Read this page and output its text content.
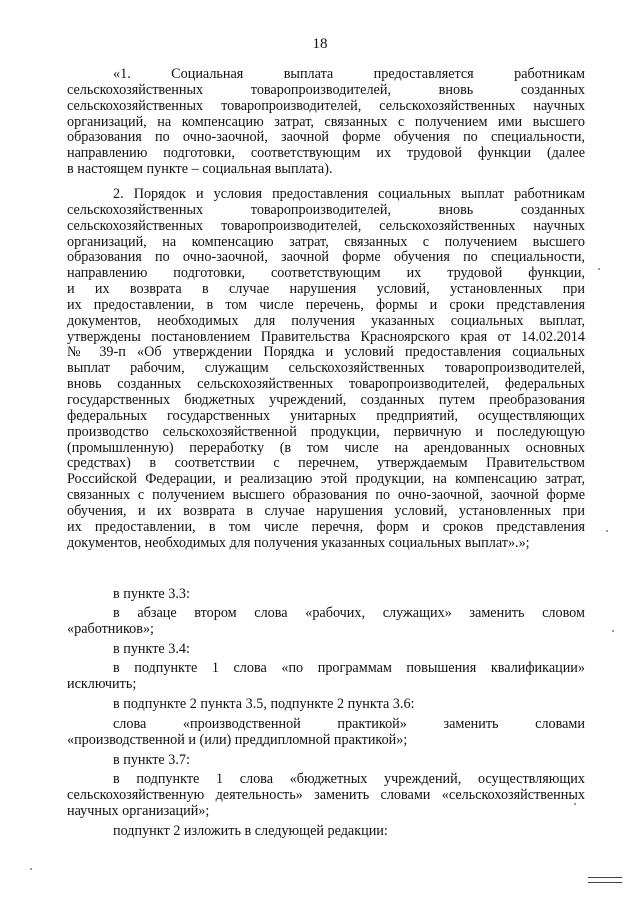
18
«1.       Социальная       выплата       предоставляется       работникам
сельскохозяйственных товаропроизводителей, вновь созданных
сельскохозяйственных товаропроизводителей, сельскохозяйственных научных
организаций, на компенсацию затрат, связанных с получением ими высшего
образования по очно-заочной, заочной форме обучения по специальности,
направлению подготовки, соответствующим их трудовой функции (далее
в настоящем пункте – социальная выплата).
2. Порядок и условия предоставления социальных выплат работникам
сельскохозяйственных товаропроизводителей, вновь созданных
сельскохозяйственных товаропроизводителей, сельскохозяйственных научных
организаций, на компенсацию затрат, связанных с получением высшего
образования по очно-заочной, заочной форме обучения по специальности,
направлению подготовки, соответствующим их трудовой функции,
и их возврата в случае нарушения условий, установленных при
их предоставлении, в том числе перечень, формы и сроки представления
документов, необходимых для получения указанных социальных выплат,
утверждены постановлением Правительства Красноярского края от 14.02.2014
№ 39-п «Об утверждении Порядка и условий предоставления социальных
выплат рабочим, служащим сельскохозяйственных товаропроизводителей,
вновь созданных сельскохозяйственных товаропроизводителей, федеральных
государственных бюджетных учреждений, созданных путем преобразования
федеральных государственных унитарных предприятий, осуществляющих
производство сельскохозяйственной продукции, первичную и последующую
(промышленную) переработку (в том числе на арендованных основных
средствах) в соответствии с перечнем, утверждаемым Правительством
Российской Федерации, и реализацию этой продукции, на компенсацию затрат,
связанных с получением высшего образования по очно-заочной, заочной форме
обучения, и их возврата в случае нарушения условий, установленных при
их предоставлении, в том числе перечня, форм и сроков представления
документов, необходимых для получения указанных социальных выплат».»;
в пункте 3.3:
в абзаце втором слова «рабочих, служащих» заменить словом
«работников»;
в пункте 3.4:
в подпункте 1 слова «по программам повышения квалификации»
исключить;
в подпункте 2 пункта 3.5, подпункте 2 пункта 3.6:
слова «производственной практикой» заменить словами
«производственной и (или) преддипломной практикой»;
в пункте 3.7:
в подпункте 1 слова «бюджетных учреждений, осуществляющих
сельскохозяйственную деятельность» заменить словами «сельскохозяйственных
научных организаций»;
подпункт 2 изложить в следующей редакции:
